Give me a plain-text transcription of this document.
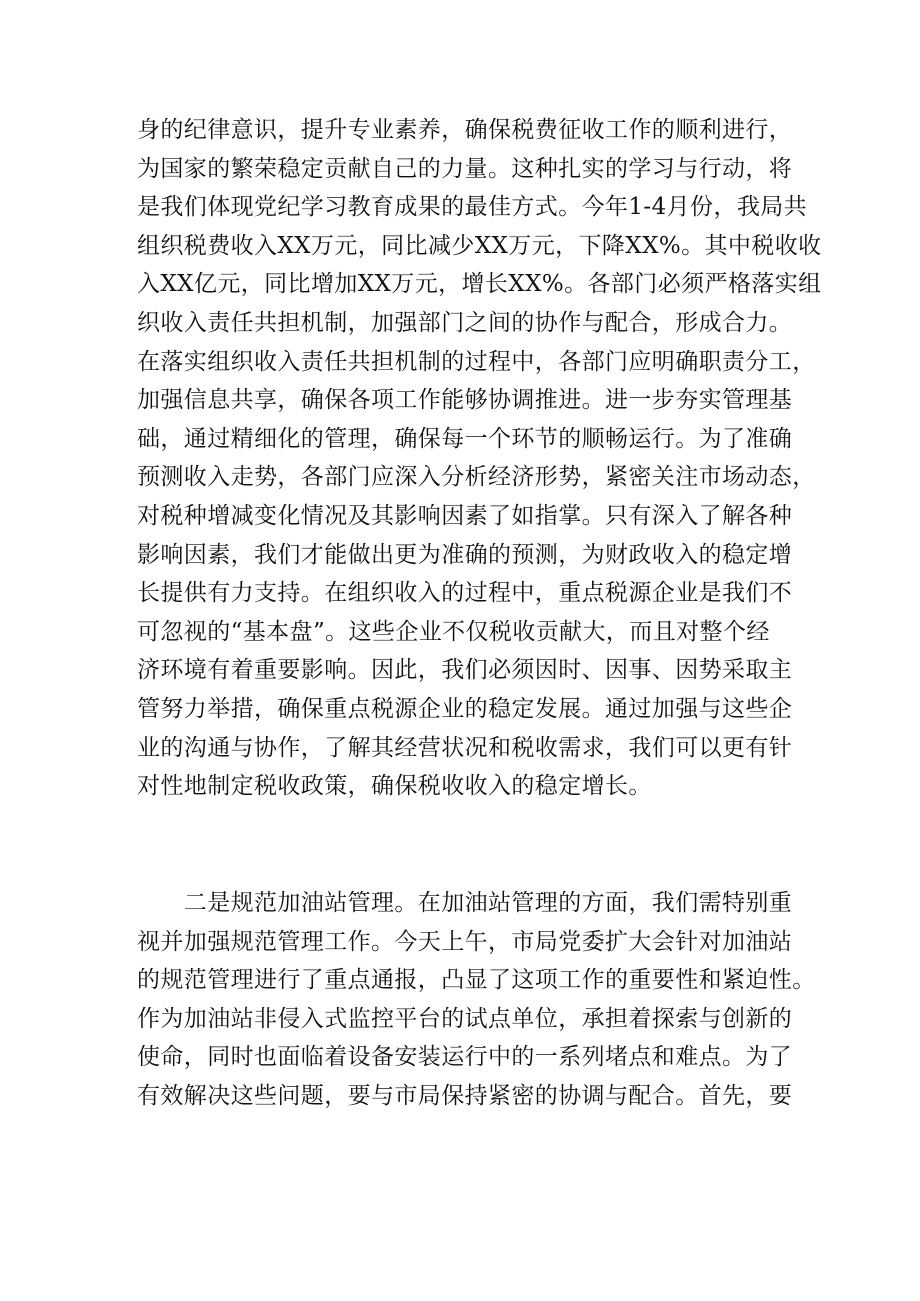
身的纪律意识，提升专业素养，确保税费征收工作的顺利进行，
为国家的繁荣稳定贡献自己的力量。这种扎实的学习与行动，将
是我们体现党纪学习教育成果的最佳方式。今年1-4月份，我局共
组织税费收入XX万元，同比减少XX万元，下降XX%。其中税收收
入XX亿元，同比增加XX万元，增长XX%。各部门必须严格落实组
织收入责任共担机制，加强部门之间的协作与配合，形成合力。
在落实组织收入责任共担机制的过程中，各部门应明确职责分工，
加强信息共享，确保各项工作能够协调推进。进一步夯实管理基
础，通过精细化的管理，确保每一个环节的顺畅运行。为了准确
预测收入走势，各部门应深入分析经济形势，紧密关注市场动态，
对税种增减变化情况及其影响因素了如指掌。只有深入了解各种
影响因素，我们才能做出更为准确的预测，为财政收入的稳定增
长提供有力支持。在组织收入的过程中，重点税源企业是我们不
可忽视的“基本盘”。这些企业不仅税收贡献大，而且对整个经
济环境有着重要影响。因此，我们必须因时、因事、因势采取主
管努力举措，确保重点税源企业的稳定发展。通过加强与这些企
业的沟通与协作，了解其经营状况和税收需求，我们可以更有针
对性地制定税收政策，确保税收收入的稳定增长。
　　二是规范加油站管理。在加油站管理的方面，我们需特别重
视并加强规范管理工作。今天上午，市局党委扩大会针对加油站
的规范管理进行了重点通报，凸显了这项工作的重要性和紧迫性。
作为加油站非侵入式监控平台的试点单位，承担着探索与创新的
使命，同时也面临着设备安装运行中的一系列堵点和难点。为了
有效解决这些问题，要与市局保持紧密的协调与配合。首先，要
